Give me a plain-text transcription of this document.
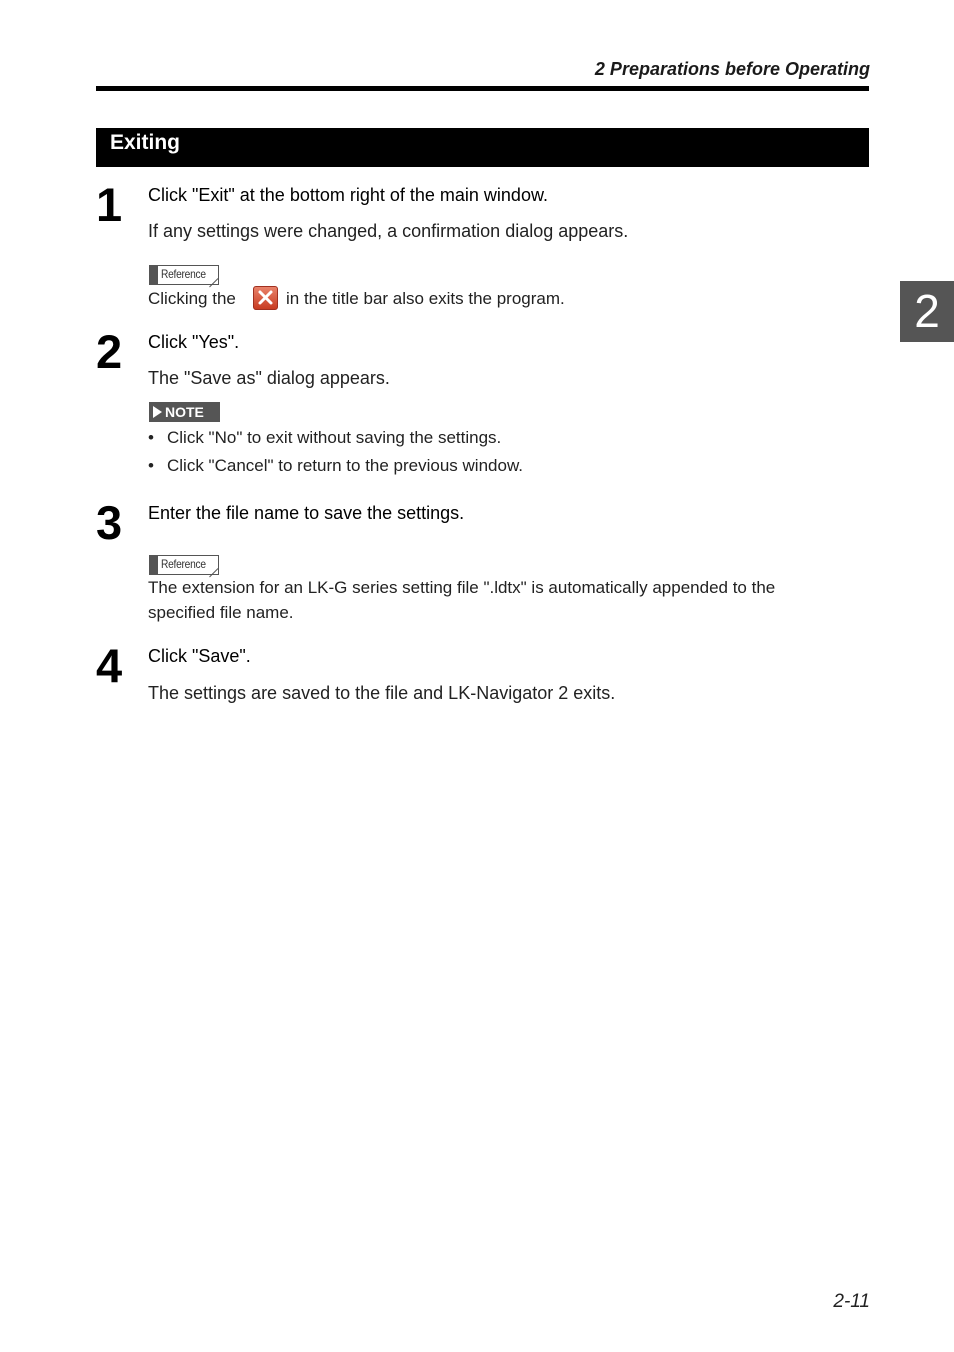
2 Preparations before Operating
Exiting
2
1 Click "Exit" at the bottom right of the main window.
If any settings were changed, a confirmation dialog appears.
Reference
Clicking the	in the title bar also exits the program.
2 Click "Yes".
The "Save as" dialog appears.
NOTE
• Click "No" to exit without saving the settings.
• Click "Cancel" to return to the previous window.
3 Enter the file name to save the settings.
Reference
The extension for an LK-G series setting file ".ldtx" is automatically appended to the
specified file name.
4 Click "Save".
The settings are saved to the file and LK-Navigator 2 exits.
2-11
